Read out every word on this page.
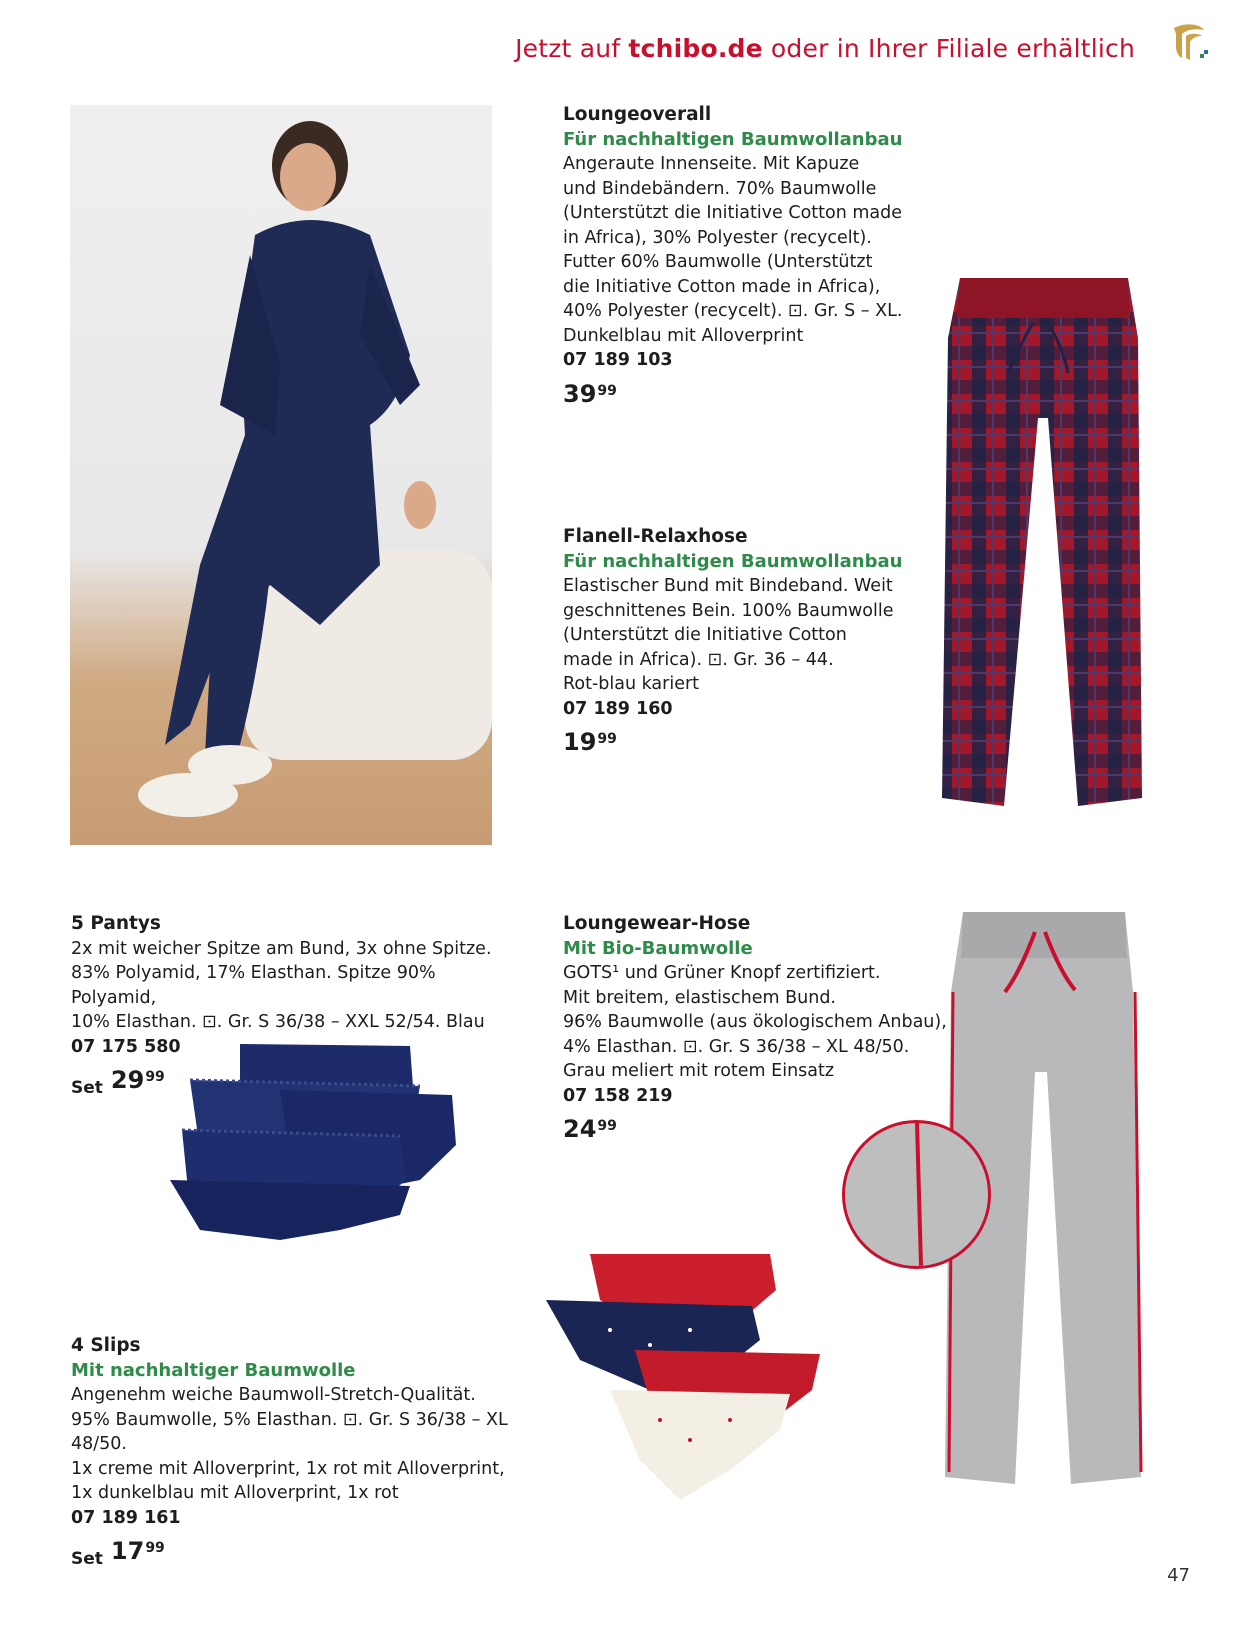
Jetzt auf tchibo.de oder in Ihrer Filiale erhältlich
Loungeoverall
Für nachhaltigen Baumwollanbau
Angeraute Innenseite. Mit Kapuze
und Bindebändern. 70% Baumwolle
(Unterstützt die Initiative Cotton made
in Africa), 30% Polyester (recycelt).
Futter 60% Baumwolle (Unterstützt
die Initiative Cotton made in Africa),
40% Polyester (recycelt). ⊡. Gr. S – XL.
Dunkelblau mit Alloverprint
07 189 103
$39^{99}$
Flanell-Relaxhose
Für nachhaltigen Baumwollanbau
Elastischer Bund mit Bindeband. Weit
geschnittenes Bein. 100% Baumwolle
(Unterstützt die Initiative Cotton
made in Africa). ⊡. Gr. 36 – 44.
Rot-blau kariert
07 189 160
$19^{99}$
5 Pantys
2x mit weicher Spitze am Bund, 3x ohne Spitze.
83% Polyamid, 17% Elasthan. Spitze 90% Polyamid,
10% Elasthan. ⊡. Gr. S 36/38 – XXL 52/54. Blau
07 175 580
Set $29^{99}$
Loungewear-Hose
Mit Bio-Baumwolle
GOTS¹ und Grüner Knopf zertifiziert.
Mit breitem, elastischem Bund.
96% Baumwolle (aus ökologischem Anbau),
4% Elasthan. ⊡. Gr. S 36/38 – XL 48/50.
Grau meliert mit rotem Einsatz
07 158 219
$24^{99}$
4 Slips
Mit nachhaltiger Baumwolle
Angenehm weiche Baumwoll-Stretch-Qualität.
95% Baumwolle, 5% Elasthan. ⊡. Gr. S 36/38 – XL 48/50.
1x creme mit Alloverprint, 1x rot mit Alloverprint,
1x dunkelblau mit Alloverprint, 1x rot
07 189 161
Set $17^{99}$
47
